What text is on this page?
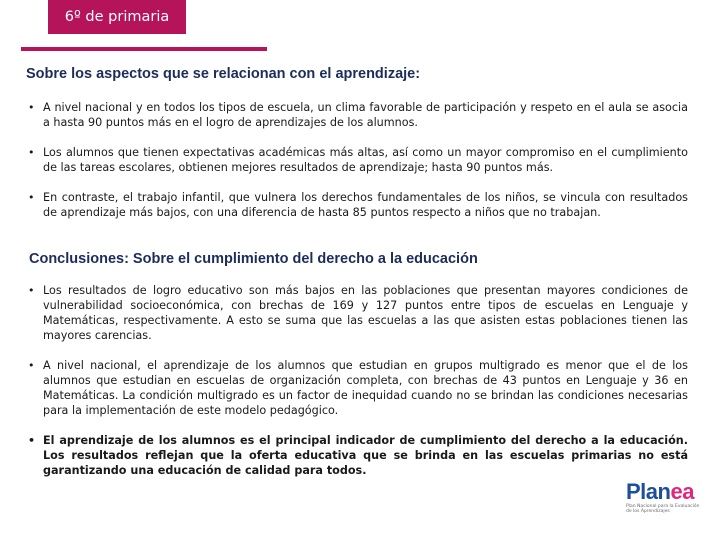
6º de primaria
Sobre los aspectos que se relacionan con el aprendizaje:
• A nivel nacional y en todos los tipos de escuela, un clima favorable de participación y respeto en el aula se asocia a hasta 90 puntos más en el logro de aprendizajes de los alumnos.
• Los alumnos que tienen expectativas académicas más altas, así como un mayor compromiso en el cumplimiento de las tareas escolares, obtienen mejores resultados de aprendizaje; hasta 90 puntos más.
• En contraste, el trabajo infantil, que vulnera los derechos fundamentales de los niños, se vincula con resultados de aprendizaje más bajos, con una diferencia de hasta 85 puntos respecto a niños que no trabajan.
Conclusiones: Sobre el cumplimiento del derecho a la educación
• Los resultados de logro educativo son más bajos en las poblaciones que presentan mayores condiciones de vulnerabilidad socioeconómica, con brechas de 169 y 127 puntos entre tipos de escuelas en Lenguaje y Matemáticas, respectivamente. A esto se suma que las escuelas a las que asisten estas poblaciones tienen las mayores carencias.
• A nivel nacional, el aprendizaje de los alumnos que estudian en grupos multigrado es menor que el de los alumnos que estudian en escuelas de organización completa, con brechas de 43 puntos en Lenguaje y 36 en Matemáticas. La condición multigrado es un factor de inequidad cuando no se brindan las condiciones necesarias para la implementación de este modelo pedagógico.
• El aprendizaje de los alumnos es el principal indicador de cumplimiento del derecho a la educación. Los resultados reflejan que la oferta educativa que se brinda en las escuelas primarias no está garantizando una educación de calidad para todos.
Planea
Plan Nacional para la Evaluación de los Aprendizajes
